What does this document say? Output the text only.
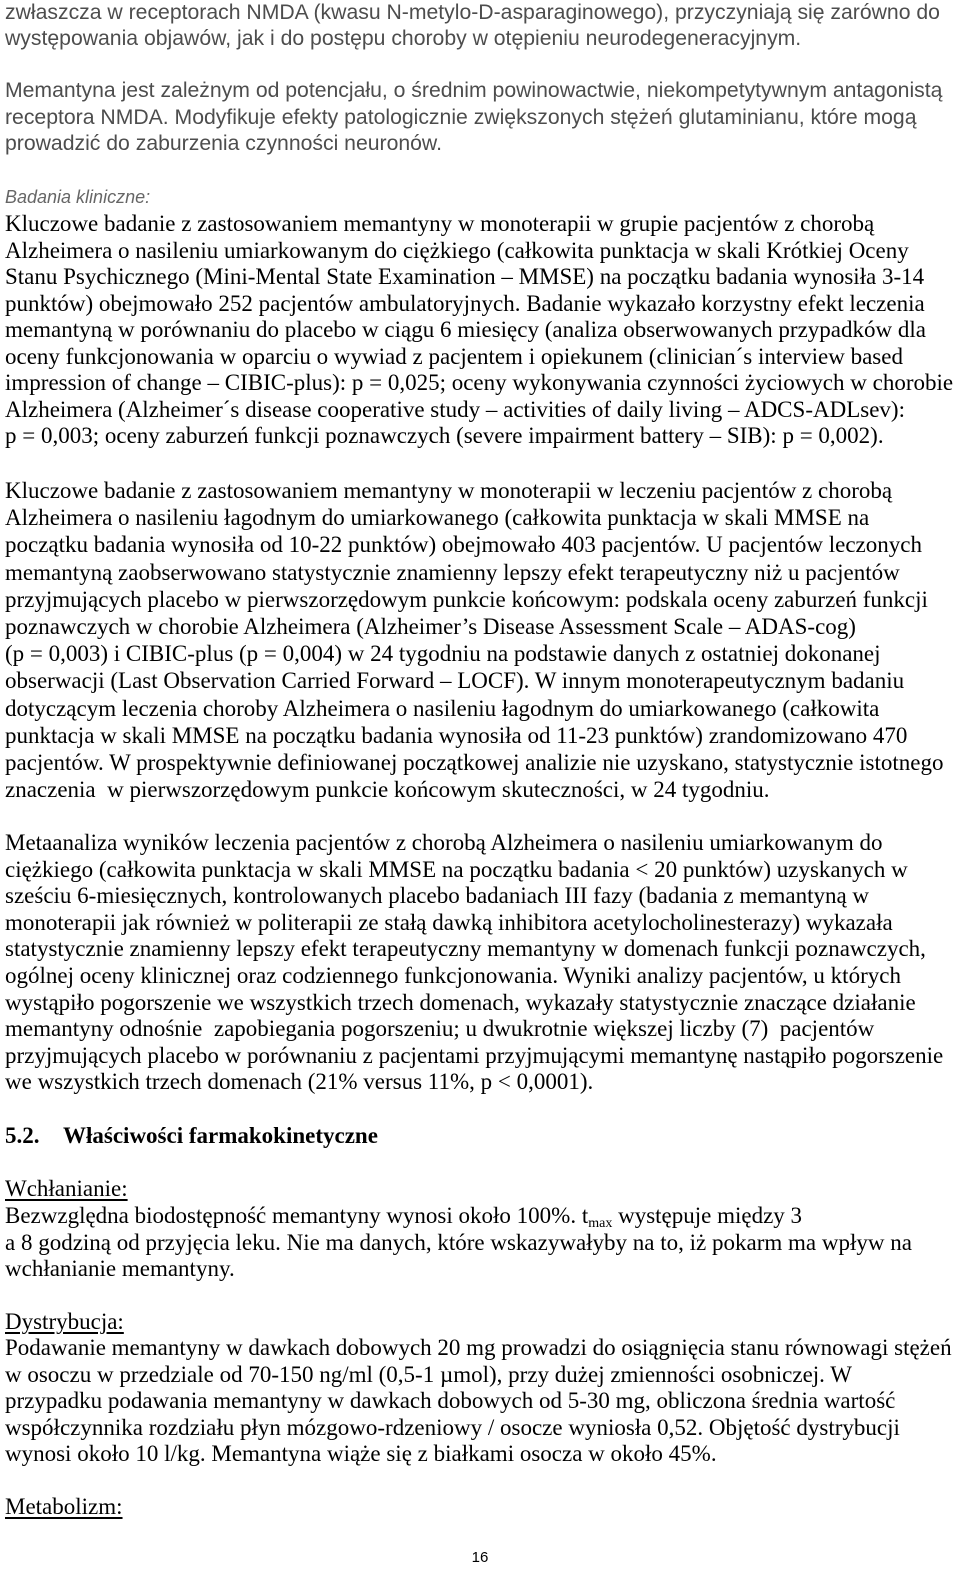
zwłaszcza w receptorach NMDA (kwasu N-metylo-D-asparaginowego), przyczyniają się zarówno do
występowania objawów, jak i do postępu choroby w otępieniu neurodegeneracyjnym.
Memantyna jest zależnym od potencjału, o średnim powinowactwie, niekompetytywnym antagonistą
receptora NMDA. Modyfikuje efekty patologicznie zwiększonych stężeń glutaminianu, które mogą
prowadzić do zaburzenia czynności neuronów.
Badania kliniczne:
Kluczowe badanie z zastosowaniem memantyny w monoterapii w grupie pacjentów z chorobą
Alzheimera o nasileniu umiarkowanym do ciężkiego (całkowita punktacja w skali Krótkiej Oceny
Stanu Psychicznego (Mini-Mental State Examination – MMSE) na początku badania wynosiła 3-14
punktów) obejmowało 252 pacjentów ambulatoryjnych. Badanie wykazało korzystny efekt leczenia
memantyną w porównaniu do placebo w ciągu 6 miesięcy (analiza obserwowanych przypadków dla
oceny funkcjonowania w oparciu o wywiad z pacjentem i opiekunem (clinician´s interview based
impression of change – CIBIC-plus): p = 0,025; oceny wykonywania czynności życiowych w chorobie
Alzheimera (Alzheimer´s disease cooperative study – activities of daily living – ADCS-ADLsev):
p = 0,003; oceny zaburzeń funkcji poznawczych (severe impairment battery – SIB): p = 0,002).
Kluczowe badanie z zastosowaniem memantyny w monoterapii w leczeniu pacjentów z chorobą
Alzheimera o nasileniu łagodnym do umiarkowanego (całkowita punktacja w skali MMSE na
początku badania wynosiła od 10-22 punktów) obejmowało 403 pacjentów. U pacjentów leczonych
memantyną zaobserwowano statystycznie znamienny lepszy efekt terapeutyczny niż u pacjentów
przyjmujących placebo w pierwszorzędowym punkcie końcowym: podskala oceny zaburzeń funkcji
poznawczych w chorobie Alzheimera (Alzheimer’s Disease Assessment Scale – ADAS-cog)
(p = 0,003) i CIBIC-plus (p = 0,004) w 24 tygodniu na podstawie danych z ostatniej dokonanej
obserwacji (Last Observation Carried Forward – LOCF). W innym monoterapeutycznym badaniu
dotyczącym leczenia choroby Alzheimera o nasileniu łagodnym do umiarkowanego (całkowita
punktacja w skali MMSE na początku badania wynosiła od 11-23 punktów) zrandomizowano 470
pacjentów. W prospektywnie definiowanej początkowej analizie nie uzyskano, statystycznie istotnego
znaczenia  w pierwszorzędowym punkcie końcowym skuteczności, w 24 tygodniu.
Metaanaliza wyników leczenia pacjentów z chorobą Alzheimera o nasileniu umiarkowanym do
ciężkiego (całkowita punktacja w skali MMSE na początku badania < 20 punktów) uzyskanych w
sześciu 6-miesięcznych, kontrolowanych placebo badaniach III fazy (badania z memantyną w
monoterapii jak również w politerapii ze stałą dawką inhibitora acetylocholinesterazy) wykazała
statystycznie znamienny lepszy efekt terapeutyczny memantyny w domenach funkcji poznawczych,
ogólnej oceny klinicznej oraz codziennego funkcjonowania. Wyniki analizy pacjentów, u których
wystąpiło pogorszenie we wszystkich trzech domenach, wykazały statystycznie znaczące działanie
memantyny odnośnie  zapobiegania pogorszeniu; u dwukrotnie większej liczby (7)  pacjentów
przyjmujących placebo w porównaniu z pacjentami przyjmującymi memantynę nastąpiło pogorszenie
we wszystkich trzech domenach (21% versus 11%, p < 0,0001).
5.2. Właściwości farmakokinetyczne
Wchłanianie:
Bezwzględna biodostępność memantyny wynosi około 100%. $t_{max}$ występuje między 3
a 8 godziną od przyjęcia leku. Nie ma danych, które wskazywałyby na to, iż pokarm ma wpływ na
wchłanianie memantyny.
Dystrybucja:
Podawanie memantyny w dawkach dobowych 20 mg prowadzi do osiągnięcia stanu równowagi stężeń
w osoczu w przedziale od 70-150 ng/ml (0,5-1 µmol), przy dużej zmienności osobniczej. W
przypadku podawania memantyny w dawkach dobowych od 5-30 mg, obliczona średnia wartość
współczynnika rozdziału płyn mózgowo-rdzeniowy / osocze wyniosła 0,52. Objętość dystrybucji
wynosi około 10 l/kg. Memantyna wiąże się z białkami osocza w około 45%.
Metabolizm:
16
